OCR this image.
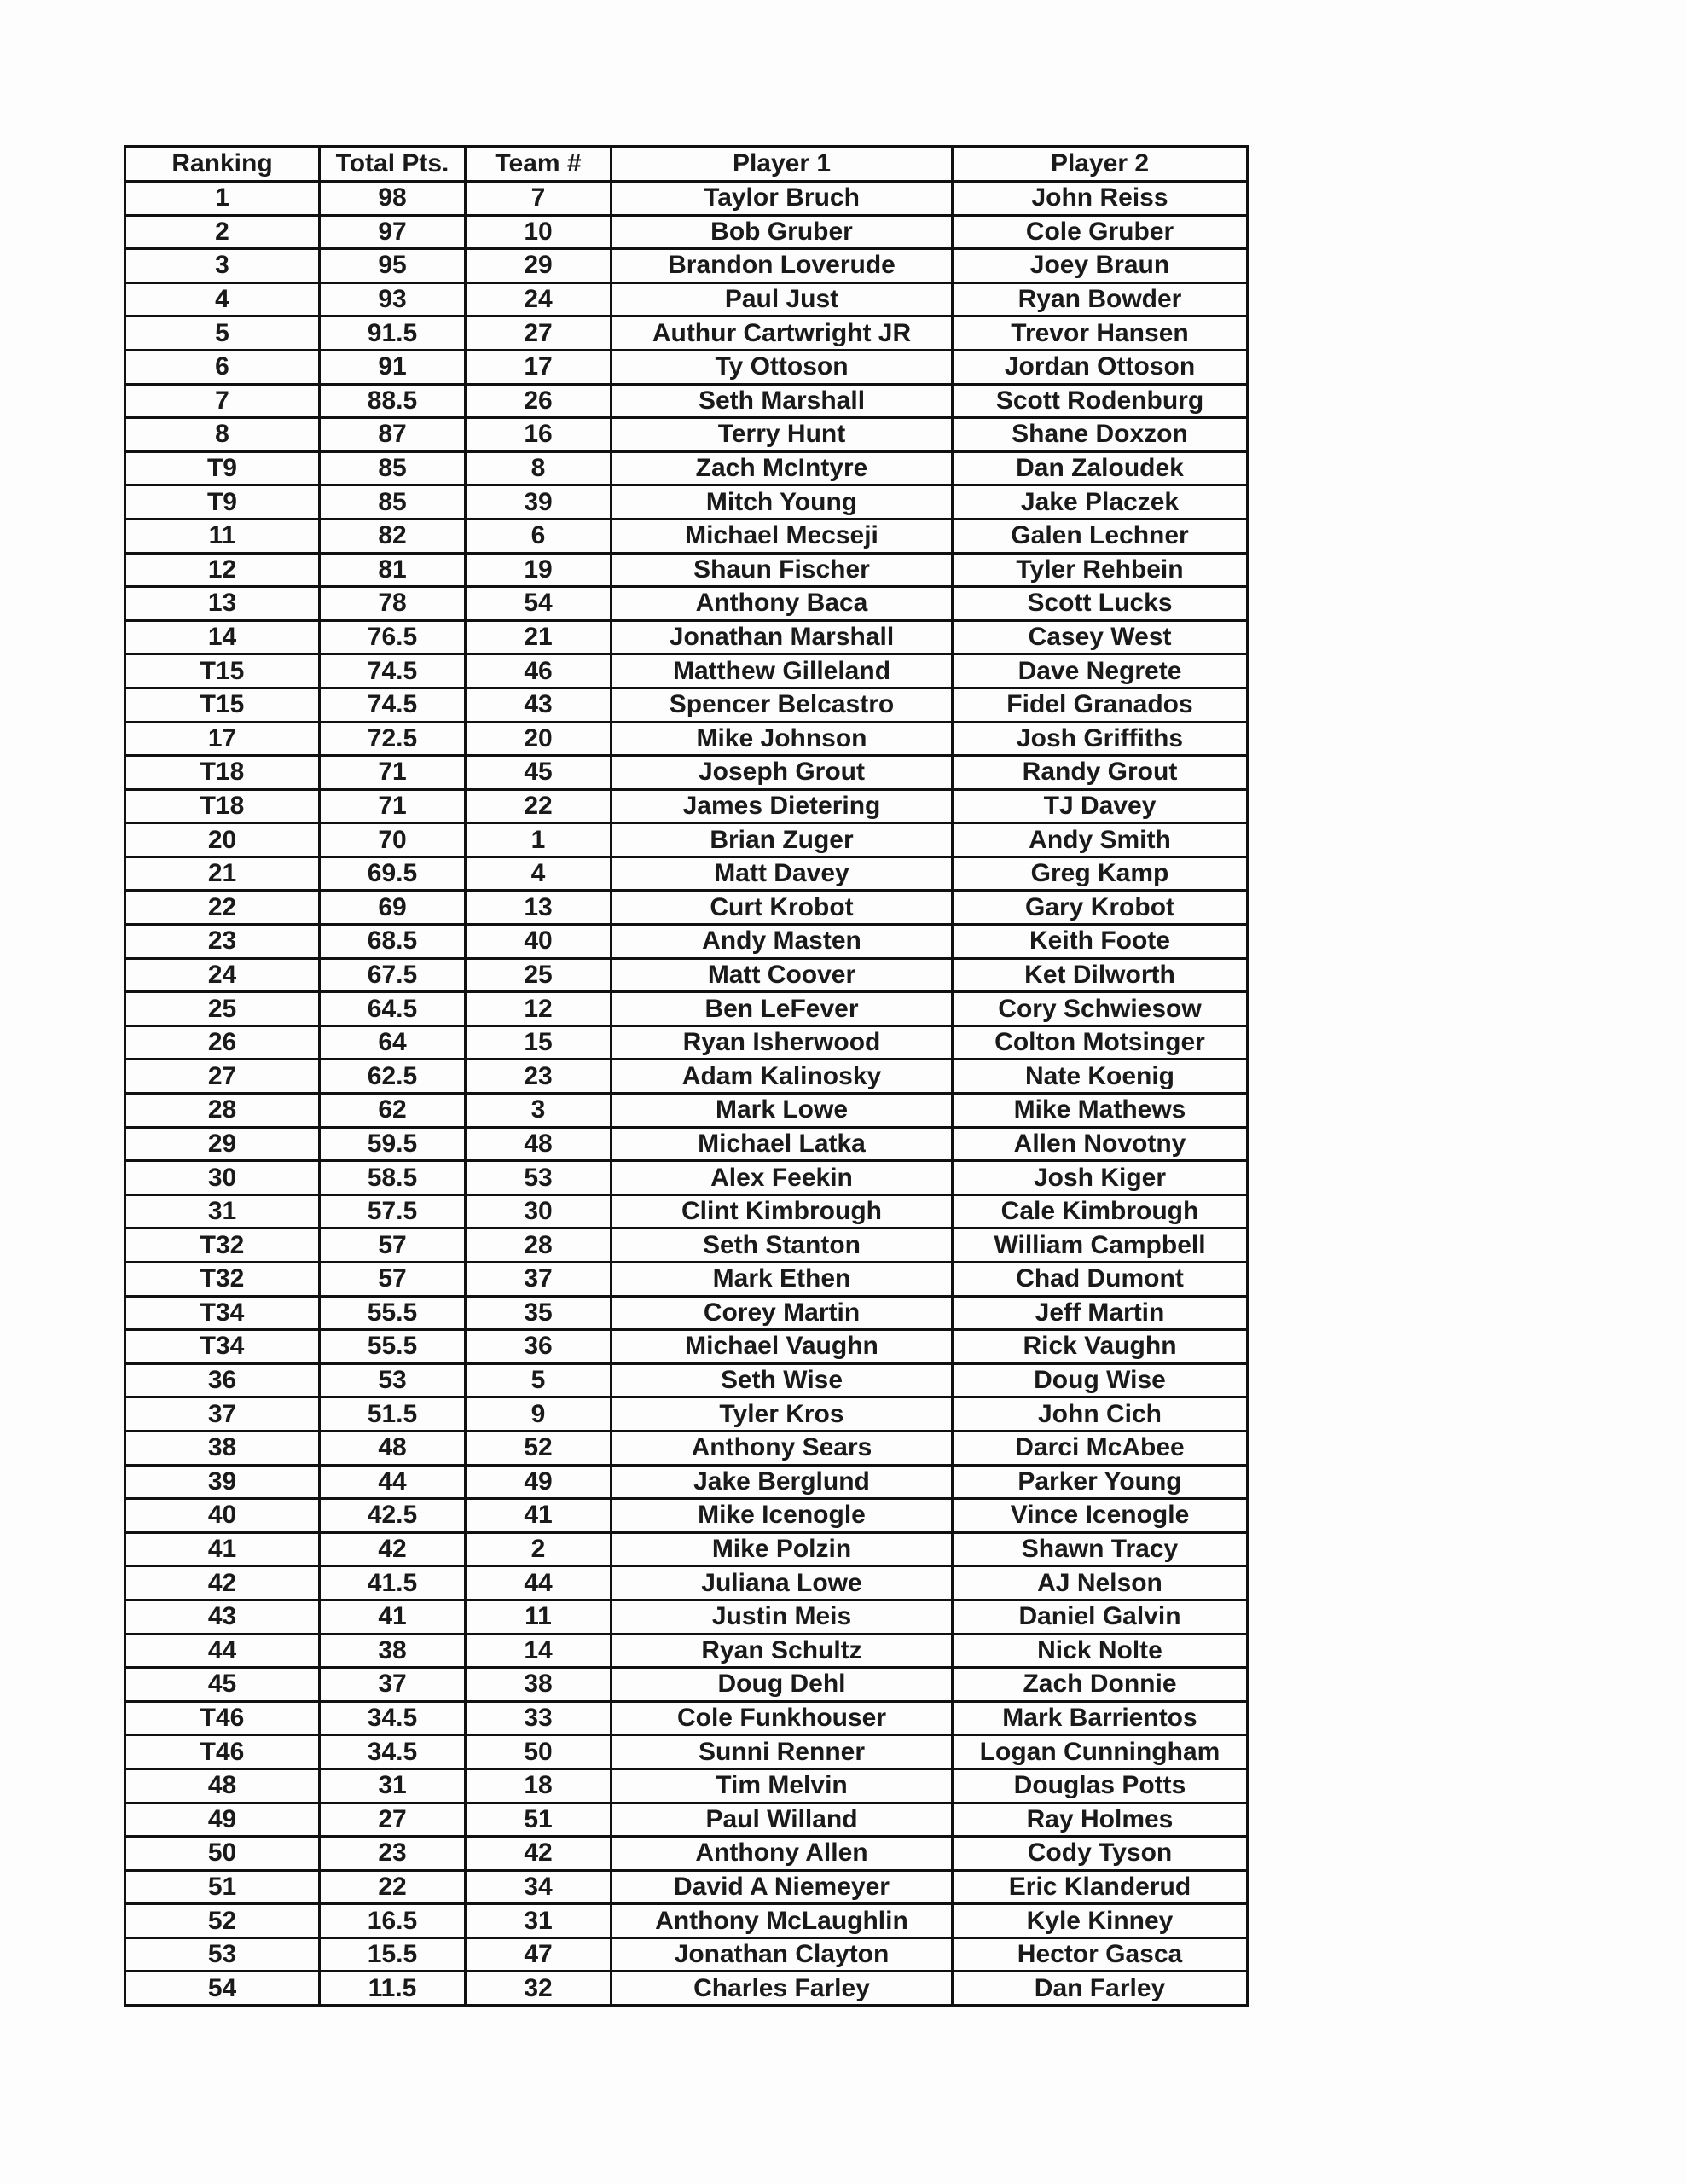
Ranking	Total Pts.	Team #	Player 1	Player 2
1	98	7	Taylor Bruch	John Reiss
2	97	10	Bob Gruber	Cole Gruber
3	95	29	Brandon Loverude	Joey Braun
4	93	24	Paul Just	Ryan Bowder
5	91.5	27	Authur Cartwright JR	Trevor Hansen
6	91	17	Ty Ottoson	Jordan Ottoson
7	88.5	26	Seth Marshall	Scott Rodenburg
8	87	16	Terry Hunt	Shane Doxzon
T9	85	8	Zach McIntyre	Dan Zaloudek
T9	85	39	Mitch Young	Jake Placzek
11	82	6	Michael Mecseji	Galen Lechner
12	81	19	Shaun Fischer	Tyler Rehbein
13	78	54	Anthony Baca	Scott Lucks
14	76.5	21	Jonathan Marshall	Casey West
T15	74.5	46	Matthew Gilleland	Dave Negrete
T15	74.5	43	Spencer Belcastro	Fidel Granados
17	72.5	20	Mike Johnson	Josh Griffiths
T18	71	45	Joseph Grout	Randy Grout
T18	71	22	James Dietering	TJ Davey
20	70	1	Brian Zuger	Andy Smith
21	69.5	4	Matt Davey	Greg Kamp
22	69	13	Curt Krobot	Gary Krobot
23	68.5	40	Andy Masten	Keith Foote
24	67.5	25	Matt Coover	Ket Dilworth
25	64.5	12	Ben LeFever	Cory Schwiesow
26	64	15	Ryan Isherwood	Colton Motsinger
27	62.5	23	Adam Kalinosky	Nate Koenig
28	62	3	Mark Lowe	Mike Mathews
29	59.5	48	Michael Latka	Allen Novotny
30	58.5	53	Alex Feekin	Josh Kiger
31	57.5	30	Clint Kimbrough	Cale Kimbrough
T32	57	28	Seth Stanton	William Campbell
T32	57	37	Mark Ethen	Chad Dumont
T34	55.5	35	Corey Martin	Jeff Martin
T34	55.5	36	Michael Vaughn	Rick Vaughn
36	53	5	Seth Wise	Doug Wise
37	51.5	9	Tyler Kros	John Cich
38	48	52	Anthony Sears	Darci McAbee
39	44	49	Jake Berglund	Parker Young
40	42.5	41	Mike Icenogle	Vince Icenogle
41	42	2	Mike Polzin	Shawn Tracy
42	41.5	44	Juliana Lowe	AJ Nelson
43	41	11	Justin Meis	Daniel Galvin
44	38	14	Ryan Schultz	Nick Nolte
45	37	38	Doug Dehl	Zach Donnie
T46	34.5	33	Cole Funkhouser	Mark Barrientos
T46	34.5	50	Sunni Renner	Logan Cunningham
48	31	18	Tim Melvin	Douglas Potts
49	27	51	Paul Willand	Ray Holmes
50	23	42	Anthony Allen	Cody Tyson
51	22	34	David A Niemeyer	Eric Klanderud
52	16.5	31	Anthony McLaughlin	Kyle Kinney
53	15.5	47	Jonathan Clayton	Hector Gasca
54	11.5	32	Charles Farley	Dan Farley
